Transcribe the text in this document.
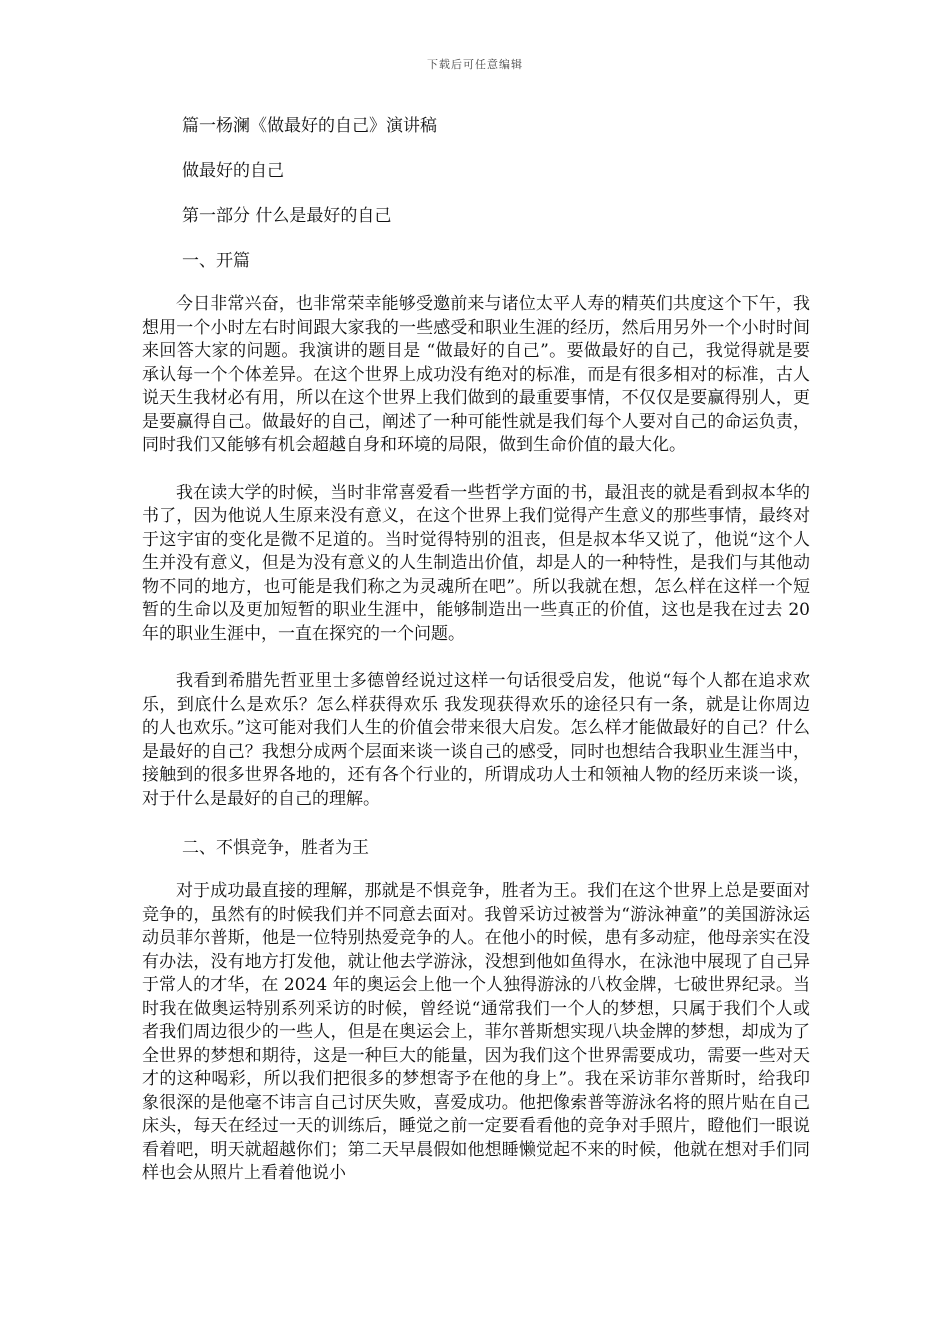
下载后可任意编辑
篇一杨澜《做最好的自己》演讲稿
做最好的自己
第一部分 什么是最好的自己
一、开篇

今日非常兴奋，也非常荣幸能够受邀前来与诸位太平人寿的精英们共度这个下午，我想用一个小时左右时间跟大家我的一些感受和职业生涯的经历，然后用另外一个小时时间来回答大家的问题。我演讲的题目是 “做最好的自己”。要做最好的自己，我觉得就是要承认每一个个体差异。在这个世界上成功没有绝对的标准，而是有很多相对的标准，古人说天生我材必有用，所以在这个世界上我们做到的最重要事情，不仅仅是要赢得别人，更是要赢得自己。做最好的自己，阐述了一种可能性就是我们每个人要对自己的命运负责，同时我们又能够有机会超越自身和环境的局限，做到生命价值的最大化。

我在读大学的时候，当时非常喜爱看一些哲学方面的书，最沮丧的就是看到叔本华的书了，因为他说人生原来没有意义，在这个世界上我们觉得产生意义的那些事情，最终对于这宇宙的变化是微不足道的。当时觉得特别的沮丧，但是叔本华又说了，他说“这个人生并没有意义，但是为没有意义的人生制造出价值，却是人的一种特性，是我们与其他动物不同的地方，也可能是我们称之为灵魂所在吧”。所以我就在想，怎么样在这样一个短暂的生命以及更加短暂的职业生涯中，能够制造出一些真正的价值，这也是我在过去 20 年的职业生涯中，一直在探究的一个问题。

我看到希腊先哲亚里士多德曾经说过这样一句话很受启发，他说“每个人都在追求欢乐，到底什么是欢乐？怎么样获得欢乐 我发现获得欢乐的途径只有一条，就是让你周边的人也欢乐。”这可能对我们人生的价值会带来很大启发。怎么样才能做最好的自己？什么是最好的自己？我想分成两个层面来谈一谈自己的感受，同时也想结合我职业生涯当中，接触到的很多世界各地的，还有各个行业的，所谓成功人士和领袖人物的经历来谈一谈，对于什么是最好的自己的理解。

二、不惧竞争，胜者为王

对于成功最直接的理解，那就是不惧竞争，胜者为王。我们在这个世界上总是要面对竞争的，虽然有的时候我们并不同意去面对。我曾采访过被誉为“游泳神童”的美国游泳运动员菲尔普斯，他是一位特别热爱竞争的人。在他小的时候，患有多动症，他母亲实在没有办法，没有地方打发他，就让他去学游泳，没想到他如鱼得水，在泳池中展现了自己异于常人的才华，在 2024 年的奥运会上他一个人独得游泳的八枚金牌，七破世界纪录。当时我在做奥运特别系列采访的时候，曾经说“通常我们一个人的梦想，只属于我们个人或者我们周边很少的一些人，但是在奥运会上，菲尔普斯想实现八块金牌的梦想，却成为了全世界的梦想和期待，这是一种巨大的能量，因为我们这个世界需要成功，需要一些对天才的这种喝彩，所以我们把很多的梦想寄予在他的身上”。我在采访菲尔普斯时，给我印象很深的是他毫不讳言自己讨厌失败，喜爱成功。他把像索普等游泳名将的照片贴在自己床头，每天在经过一天的训练后，睡觉之前一定要看看他的竞争对手照片，瞪他们一眼说看着吧，明天就超越你们；第二天早晨假如他想睡懒觉起不来的时候，他就在想对手们同样也会从照片上看着他说小
